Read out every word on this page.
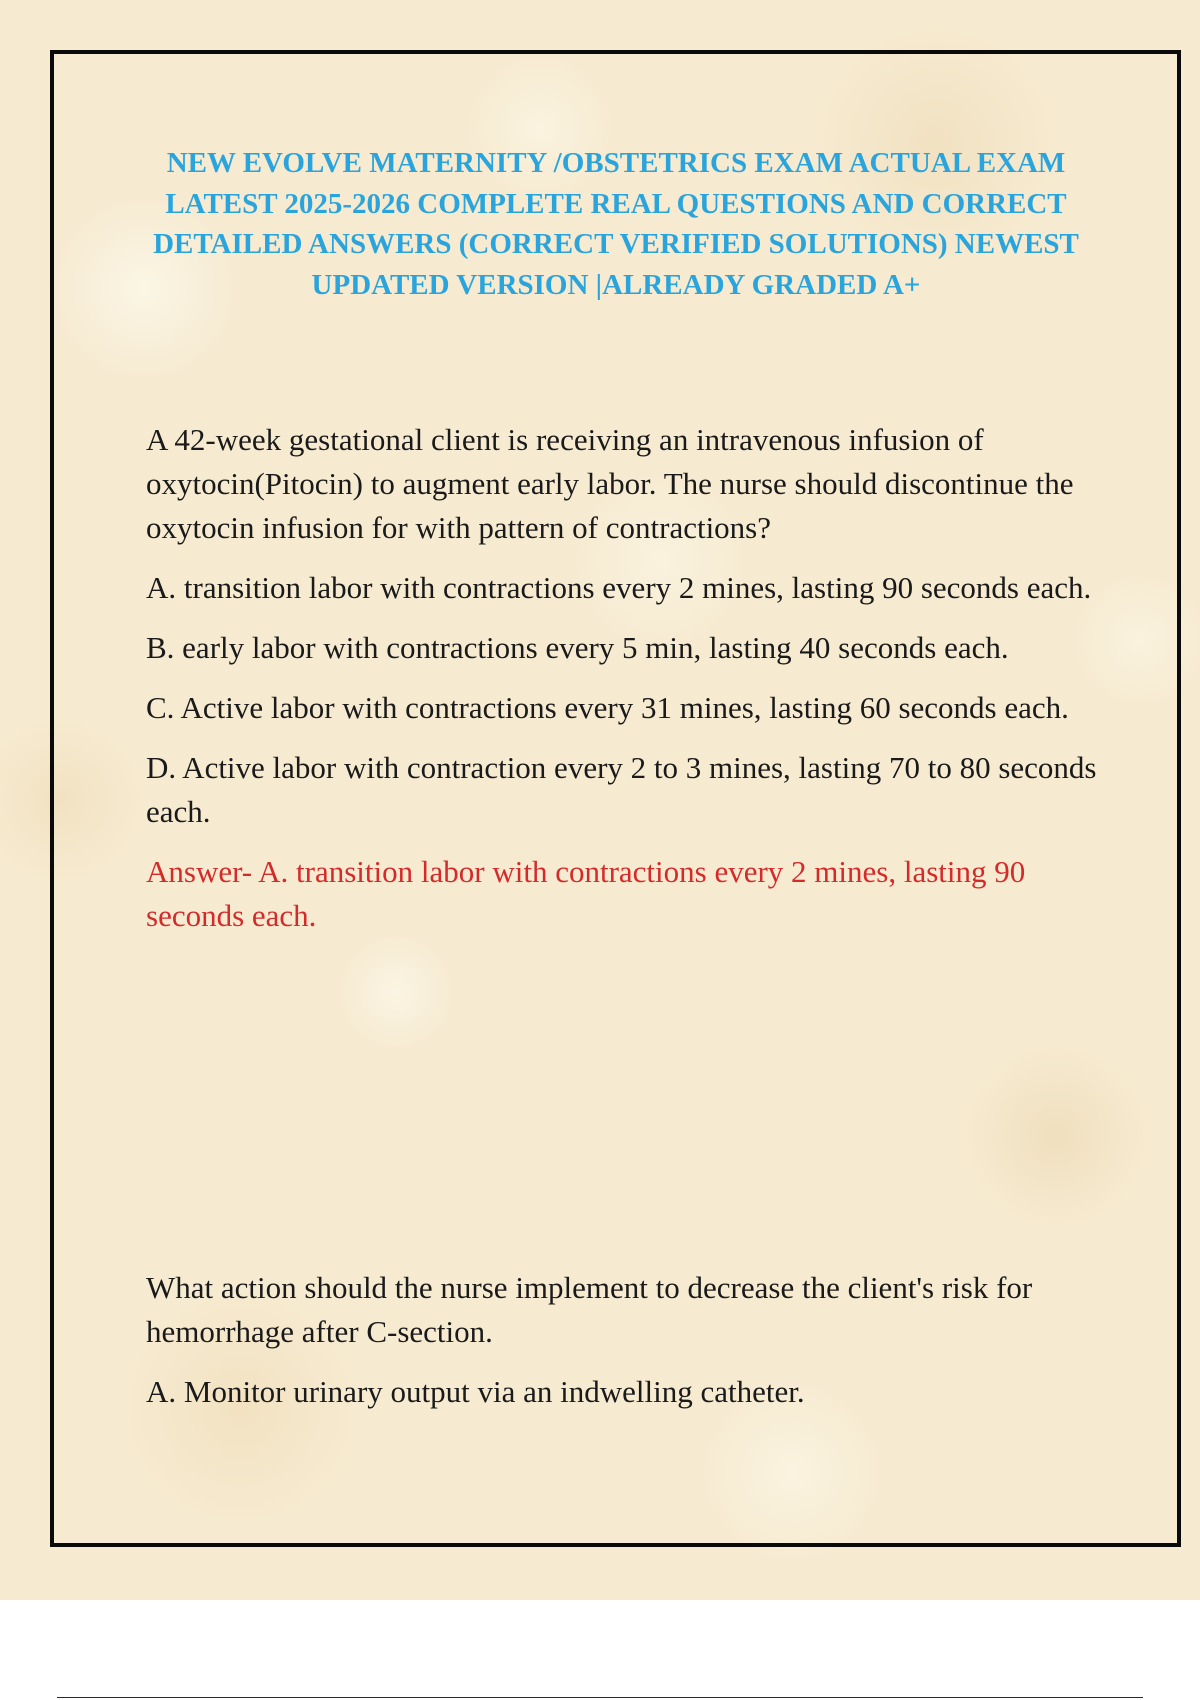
NEW EVOLVE MATERNITY /OBSTETRICS EXAM ACTUAL EXAM LATEST 2025-2026 COMPLETE REAL QUESTIONS AND CORRECT DETAILED ANSWERS (CORRECT VERIFIED SOLUTIONS) NEWEST UPDATED VERSION |ALREADY GRADED A+

A 42-week gestational client is receiving an intravenous infusion of oxytocin(Pitocin) to augment early labor. The nurse should discontinue the oxytocin infusion for with pattern of contractions?

A. transition labor with contractions every 2 mines, lasting 90 seconds each.

B. early labor with contractions every 5 min, lasting 40 seconds each.

C. Active labor with contractions every 31 mines, lasting 60 seconds each.

D. Active labor with contraction every 2 to 3 mines, lasting 70 to 80 seconds each.

Answer- A. transition labor with contractions every 2 mines, lasting 90 seconds each.

What action should the nurse implement to decrease the client's risk for hemorrhage after C-section.

A. Monitor urinary output via an indwelling catheter.
